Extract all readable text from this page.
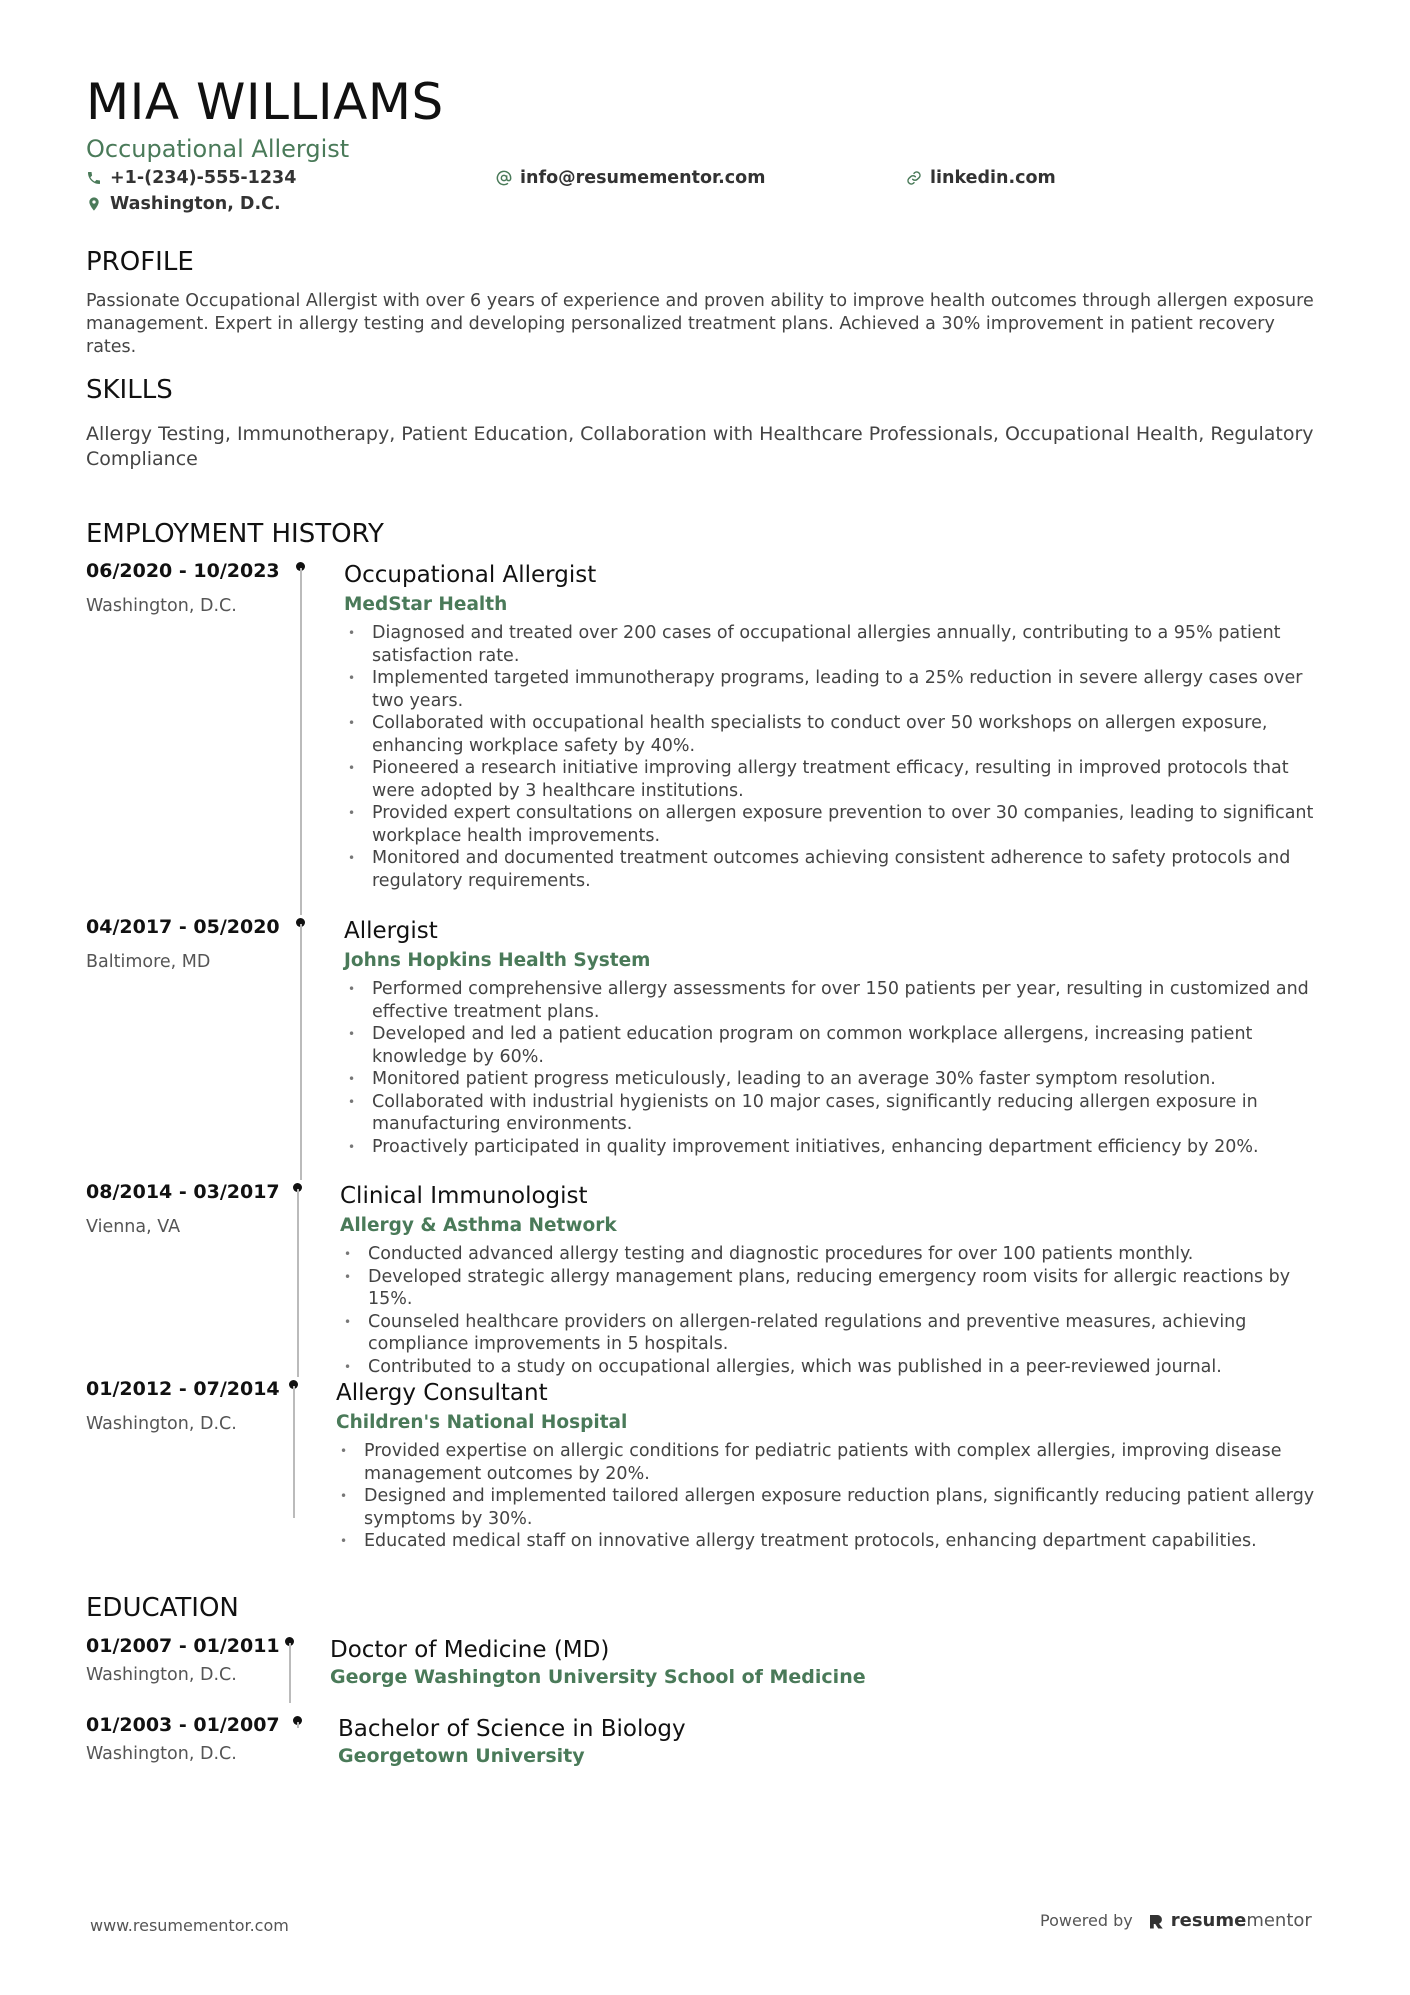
MIA WILLIAMS
Occupational Allergist
+1-(234)-555-1234	info@resumementor.com	linkedin.com
Washington, D.C.
PROFILE
Passionate Occupational Allergist with over 6 years of experience and proven ability to improve health outcomes through allergen exposure management. Expert in allergy testing and developing personalized treatment plans. Achieved a 30% improvement in patient recovery rates.
SKILLS
Allergy Testing, Immunotherapy, Patient Education, Collaboration with Healthcare Professionals, Occupational Health, Regulatory Compliance
EMPLOYMENT HISTORY
06/2020 - 10/2023
Washington, D.C.
Occupational Allergist
MedStar Health
• Diagnosed and treated over 200 cases of occupational allergies annually, contributing to a 95% patient satisfaction rate.
• Implemented targeted immunotherapy programs, leading to a 25% reduction in severe allergy cases over two years.
• Collaborated with occupational health specialists to conduct over 50 workshops on allergen exposure, enhancing workplace safety by 40%.
• Pioneered a research initiative improving allergy treatment efficacy, resulting in improved protocols that were adopted by 3 healthcare institutions.
• Provided expert consultations on allergen exposure prevention to over 30 companies, leading to significant workplace health improvements.
• Monitored and documented treatment outcomes achieving consistent adherence to safety protocols and regulatory requirements.
04/2017 - 05/2020
Baltimore, MD
Allergist
Johns Hopkins Health System
• Performed comprehensive allergy assessments for over 150 patients per year, resulting in customized and effective treatment plans.
• Developed and led a patient education program on common workplace allergens, increasing patient knowledge by 60%.
• Monitored patient progress meticulously, leading to an average 30% faster symptom resolution.
• Collaborated with industrial hygienists on 10 major cases, significantly reducing allergen exposure in manufacturing environments.
• Proactively participated in quality improvement initiatives, enhancing department efficiency by 20%.
08/2014 - 03/2017
Vienna, VA
Clinical Immunologist
Allergy & Asthma Network
• Conducted advanced allergy testing and diagnostic procedures for over 100 patients monthly.
• Developed strategic allergy management plans, reducing emergency room visits for allergic reactions by 15%.
• Counseled healthcare providers on allergen-related regulations and preventive measures, achieving compliance improvements in 5 hospitals.
• Contributed to a study on occupational allergies, which was published in a peer-reviewed journal.
01/2012 - 07/2014
Washington, D.C.
Allergy Consultant
Children's National Hospital
• Provided expertise on allergic conditions for pediatric patients with complex allergies, improving disease management outcomes by 20%.
• Designed and implemented tailored allergen exposure reduction plans, significantly reducing patient allergy symptoms by 30%.
• Educated medical staff on innovative allergy treatment protocols, enhancing department capabilities.
EDUCATION
01/2007 - 01/2011
Washington, D.C.
Doctor of Medicine (MD)
George Washington University School of Medicine
01/2003 - 01/2007
Washington, D.C.
Bachelor of Science in Biology
Georgetown University
www.resumementor.com	Powered by resume mentor
